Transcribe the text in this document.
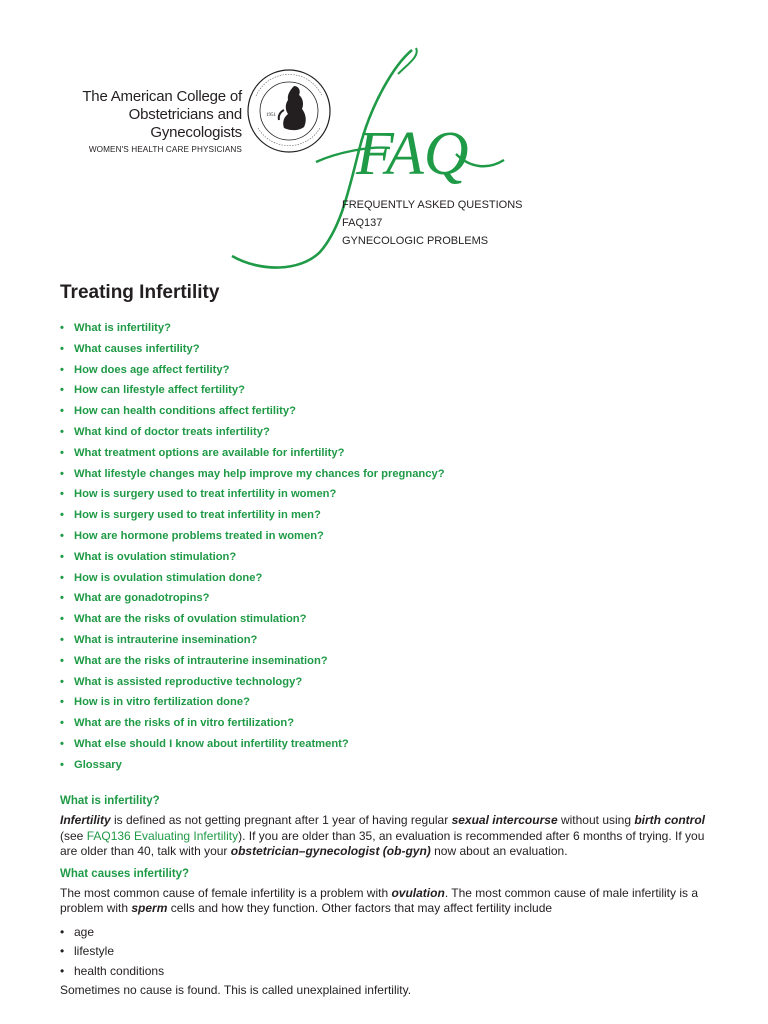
The American College of
Obstetricians and Gynecologists
WOMEN'S HEALTH CARE PHYSICIANS
1951
FAQ
FREQUENTLY ASKED QUESTIONS
FAQ137
GYNECOLOGIC PROBLEMS
Treating Infertility
• What is infertility?
• What causes infertility?
• How does age affect fertility?
• How can lifestyle affect fertility?
• How can health conditions affect fertility?
• What kind of doctor treats infertility?
• What treatment options are available for infertility?
• What lifestyle changes may help improve my chances for pregnancy?
• How is surgery used to treat infertility in women?
• How is surgery used to treat infertility in men?
• How are hormone problems treated in women?
• What is ovulation stimulation?
• How is ovulation stimulation done?
• What are gonadotropins?
• What are the risks of ovulation stimulation?
• What is intrauterine insemination?
• What are the risks of intrauterine insemination?
• What is assisted reproductive technology?
• How is in vitro fertilization done?
• What are the risks of in vitro fertilization?
• What else should I know about infertility treatment?
• Glossary
What is infertility?

Infertility is defined as not getting pregnant after 1 year of having regular sexual intercourse without using birth control (see FAQ136 Evaluating Infertility). If you are older than 35, an evaluation is recommended after 6 months of trying. If you are older than 40, talk with your obstetrician–gynecologist (ob-gyn) now about an evaluation.

What causes infertility?

The most common cause of female infertility is a problem with ovulation. The most common cause of male infertility is a problem with sperm cells and how they function. Other factors that may affect fertility include

• age
• lifestyle
• health conditions

Sometimes no cause is found. This is called unexplained infertility.
